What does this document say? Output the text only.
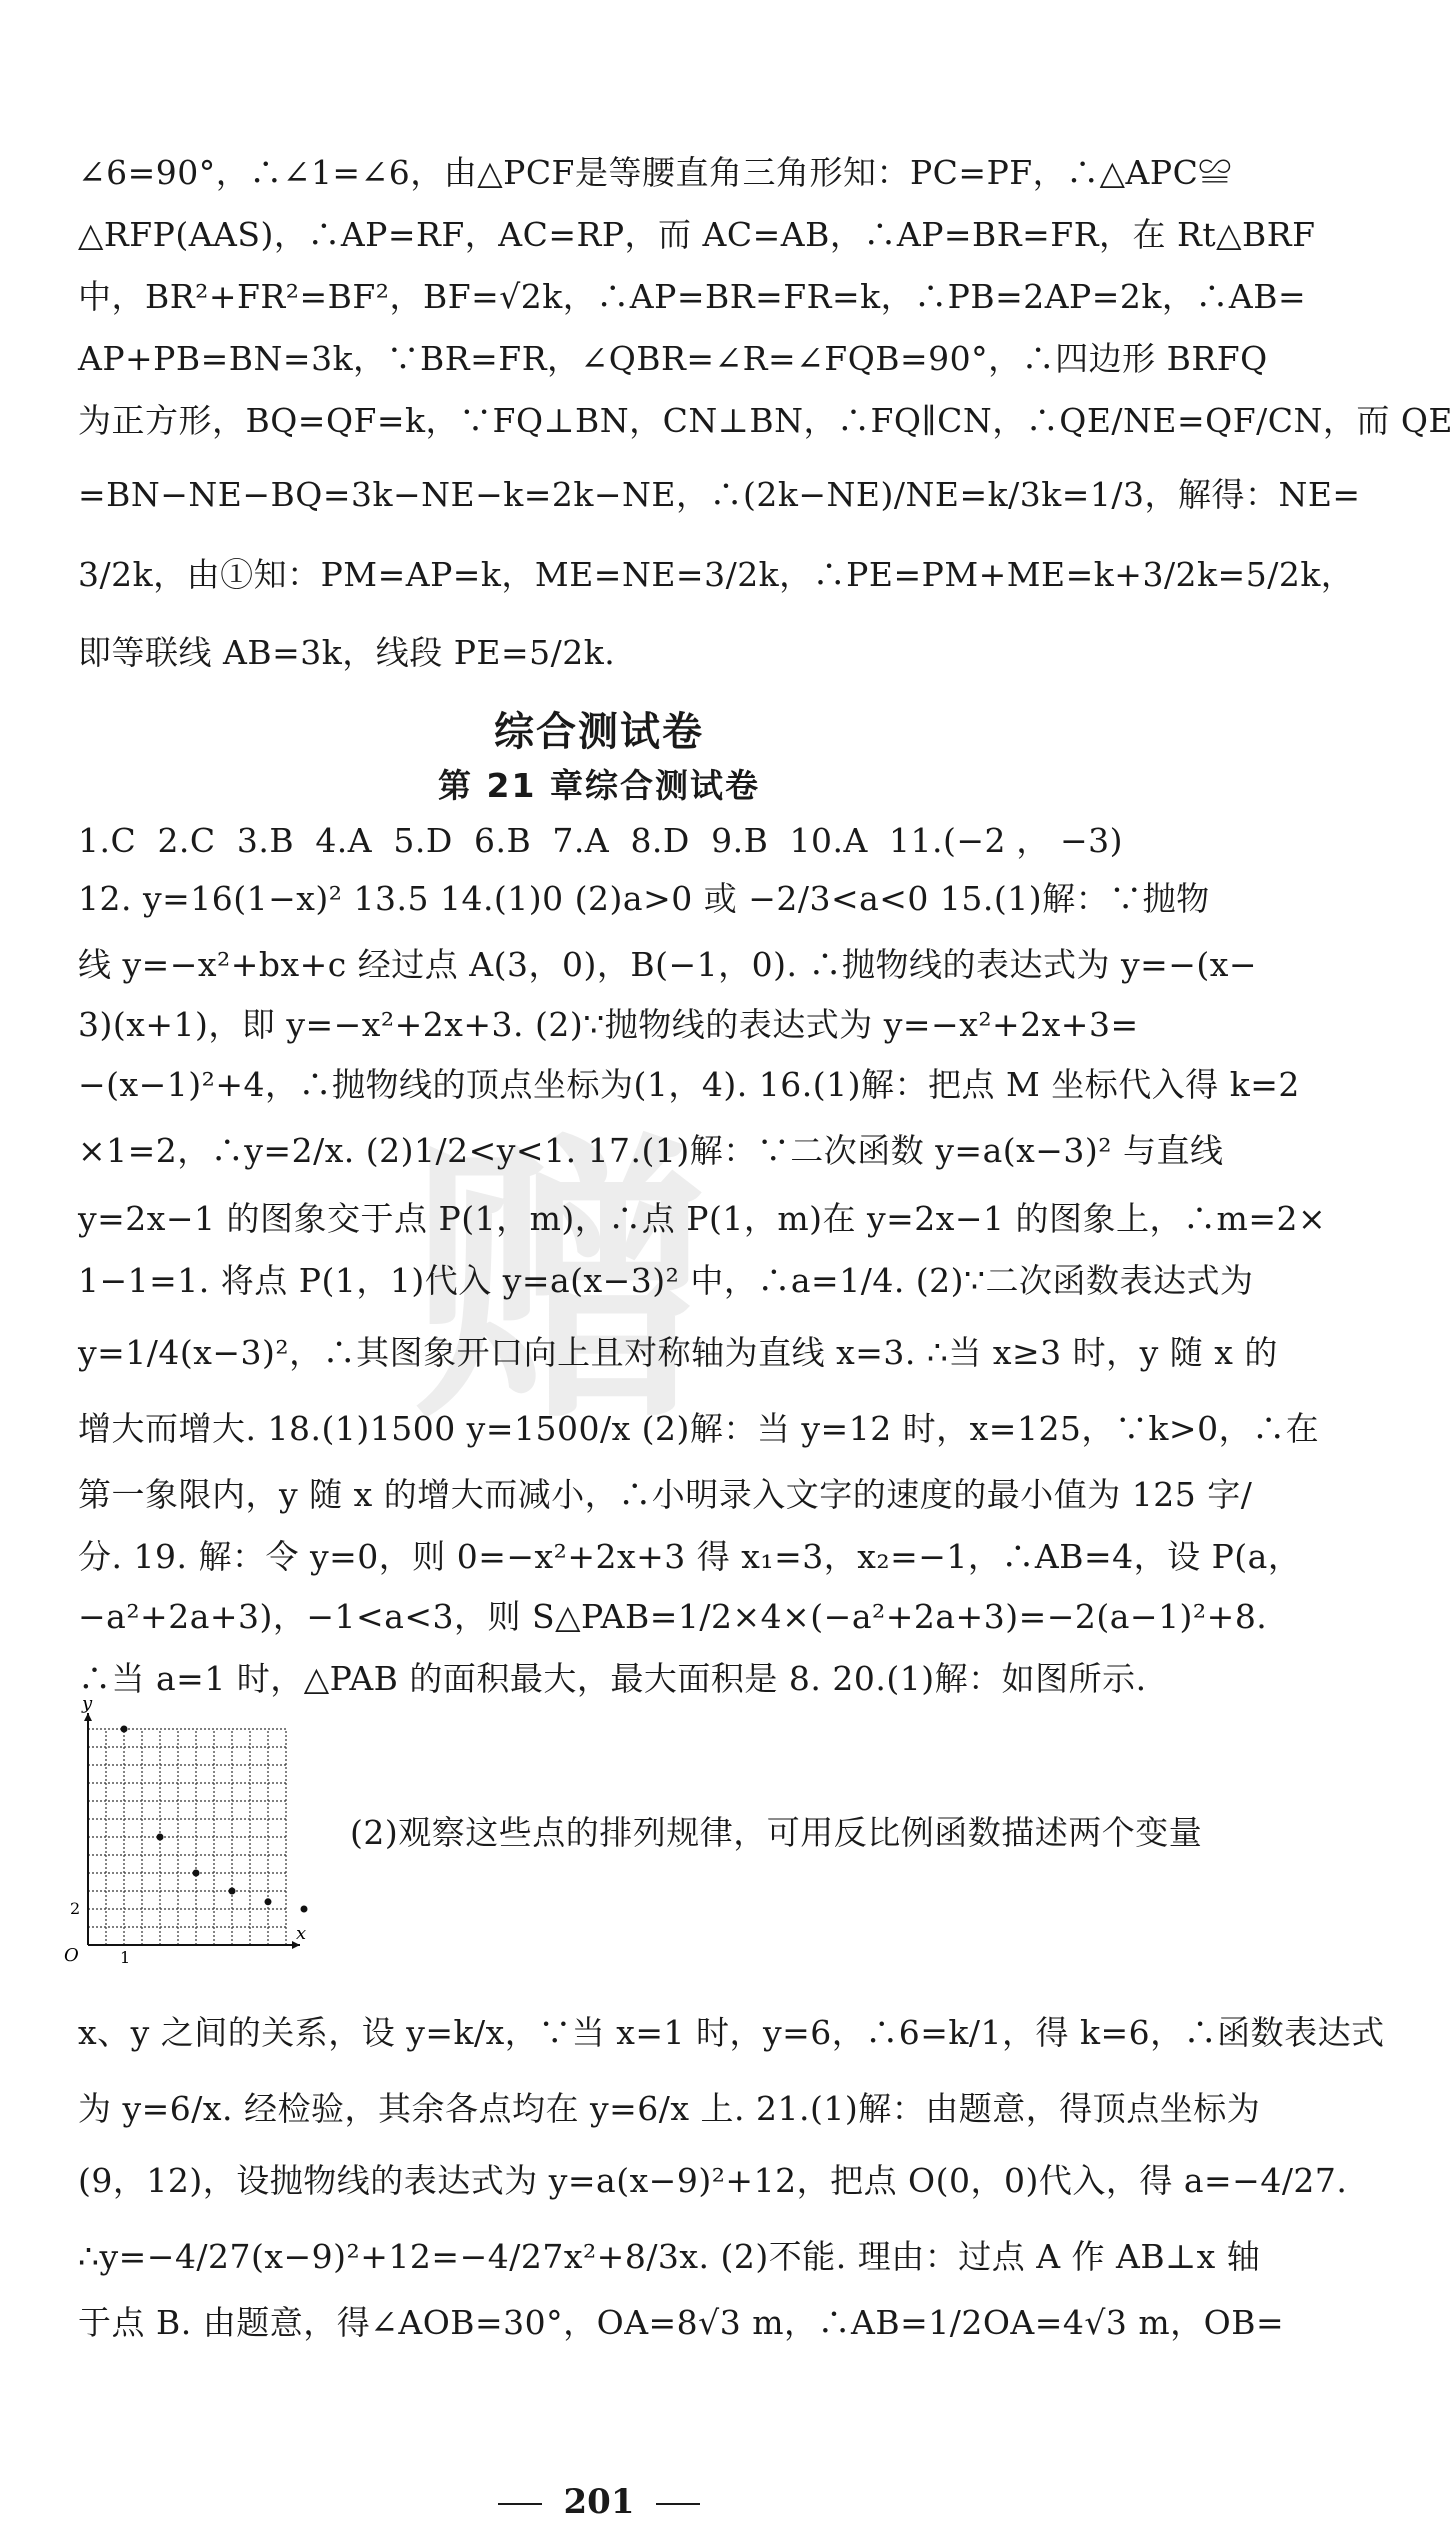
赠
∠6=90°，∴∠1=∠6，由△PCF是等腰直角三角形知：PC=PF，∴△APC≌
△RFP(AAS)，∴AP=RF，AC=RP，而 AC=AB，∴AP=BR=FR，在 Rt△BRF
中，BR²+FR²=BF²，BF=√2k，∴AP=BR=FR=k，∴PB=2AP=2k，∴AB=
AP+PB=BN=3k，∵BR=FR，∠QBR=∠R=∠FQB=90°，∴四边形 BRFQ
为正方形，BQ=QF=k，∵FQ⊥BN，CN⊥BN，∴FQ∥CN，∴QE/NE=QF/CN，而 QE
=BN−NE−BQ=3k−NE−k=2k−NE，∴(2k−NE)/NE=k/3k=1/3，解得：NE=
3/2k，由①知：PM=AP=k，ME=NE=3/2k，∴PE=PM+ME=k+3/2k=5/2k，
即等联线 AB=3k，线段 PE=5/2k.
综合测试卷
第 21 章综合测试卷
1.C 2.C 3.B 4.A 5.D 6.B 7.A 8.D 9.B 10.A 11.(−2，−3)
12. y=16(1−x)² 13.5 14.(1)0 (2)a>0 或 −2/3<a<0 15.(1)解：∵抛物
线 y=−x²+bx+c 经过点 A(3，0)，B(−1，0). ∴抛物线的表达式为 y=−(x−
3)(x+1)，即 y=−x²+2x+3. (2)∵抛物线的表达式为 y=−x²+2x+3=
−(x−1)²+4，∴抛物线的顶点坐标为(1，4). 16.(1)解：把点 M 坐标代入得 k=2
×1=2，∴y=2/x. (2)1/2<y<1. 17.(1)解：∵二次函数 y=a(x−3)² 与直线
y=2x−1 的图象交于点 P(1，m)，∴点 P(1，m)在 y=2x−1 的图象上，∴m=2×
1−1=1. 将点 P(1，1)代入 y=a(x−3)² 中，∴a=1/4. (2)∵二次函数表达式为
y=1/4(x−3)²，∴其图象开口向上且对称轴为直线 x=3. ∴当 x≥3 时，y 随 x 的
增大而增大. 18.(1)1500 y=1500/x (2)解：当 y=12 时，x=125，∵k>0，∴在
第一象限内，y 随 x 的增大而减小，∴小明录入文字的速度的最小值为 125 字/
分. 19. 解：令 y=0，则 0=−x²+2x+3 得 x₁=3，x₂=−1，∴AB=4，设 P(a，
−a²+2a+3)，−1<a<3，则 S△PAB=1/2×4×(−a²+2a+3)=−2(a−1)²+8.
∴当 a=1 时，△PAB 的面积最大，最大面积是 8. 20.(1)解：如图所示.
y
x
O	1
2
(2)观察这些点的排列规律，可用反比例函数描述两个变量
x、y 之间的关系，设 y=k/x，∵当 x=1 时，y=6，∴6=k/1，得 k=6，∴函数表达式
为 y=6/x. 经检验，其余各点均在 y=6/x 上. 21.(1)解：由题意，得顶点坐标为
(9，12)，设抛物线的表达式为 y=a(x−9)²+12，把点 O(0，0)代入，得 a=−4/27.
∴y=−4/27(x−9)²+12=−4/27x²+8/3x. (2)不能. 理由：过点 A 作 AB⊥x 轴
于点 B. 由题意，得∠AOB=30°，OA=8√3 m，∴AB=1/2OA=4√3 m，OB=
201
